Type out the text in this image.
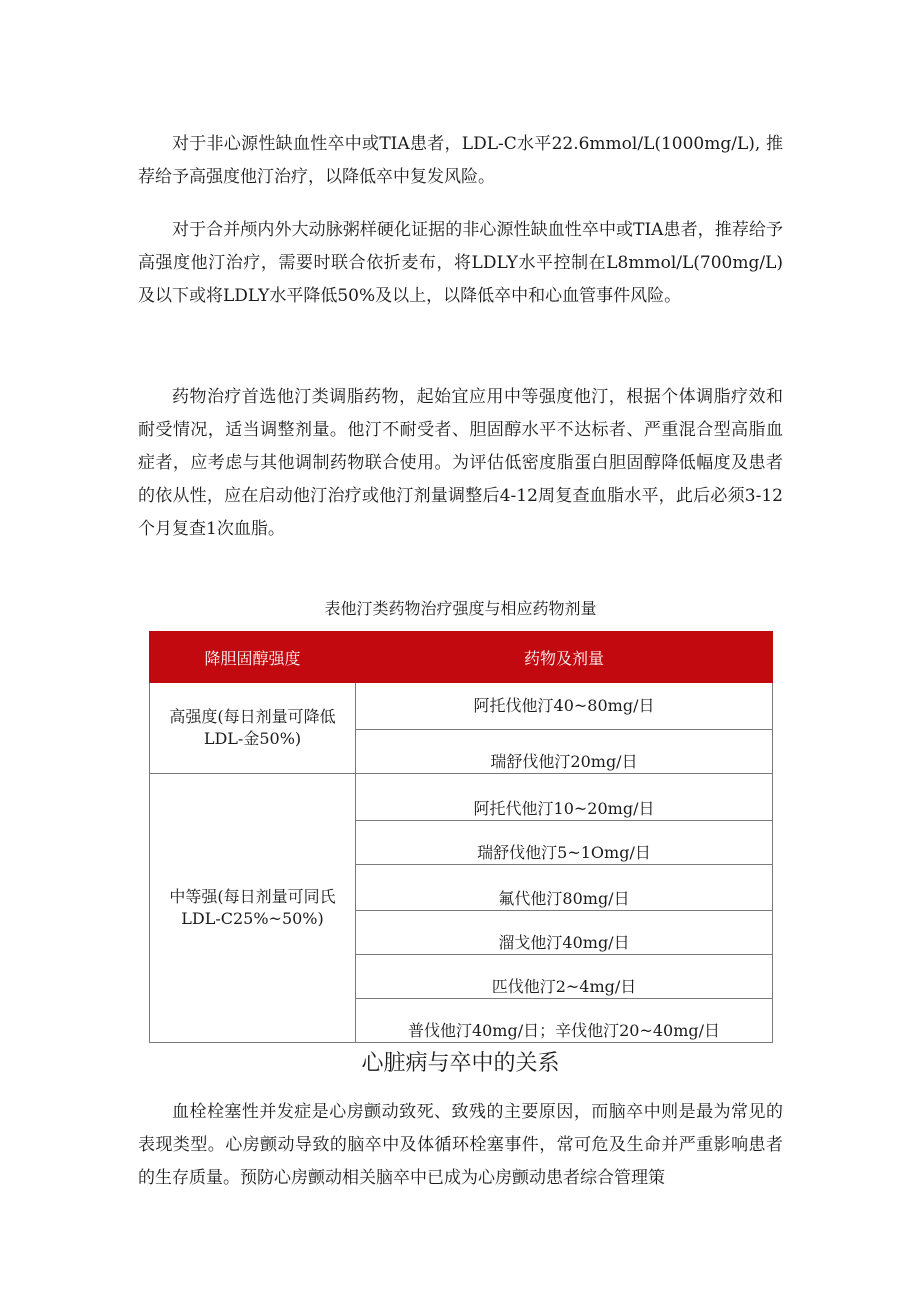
对于非心源性缺血性卒中或TIA患者，LDL-C水平22.6mmol/L(1000mg/L), 推荐给予高强度他汀治疗，以降低卒中复发风险。

对于合并颅内外大动脉粥样硬化证据的非心源性缺血性卒中或TIA患者，推荐给予高强度他汀治疗，需要时联合依折麦布，将LDLY水平控制在L8mmol/L(700mg/L)及以下或将LDLY水平降低50%及以上，以降低卒中和心血管事件风险。

药物治疗首选他汀类调脂药物，起始宜应用中等强度他汀，根据个体调脂疗效和耐受情况，适当调整剂量。他汀不耐受者、胆固醇水平不达标者、严重混合型高脂血症者，应考虑与其他调制药物联合使用。为评估低密度脂蛋白胆固醇降低幅度及患者的依从性，应在启动他汀治疗或他汀剂量调整后4-12周复查血脂水平，此后必须3-12个月复查1次血脂。

表他汀类药物治疗强度与相应药物剂量
降胆固醇强度	药物及剂量
高强度(每日剂量可降低LDL-金50%)	阿托伐他汀40~80mg/日
	瑞舒伐他汀20mg/日
中等强(每日剂量可同氏LDL-C25%~50%)	阿托代他汀10~20mg/日
	瑞舒伐他汀5~1Omg/日
	氟代他汀80mg/日
	溜戈他汀40mg/日
	匹伐他汀2~4mg/日
	普伐他汀40mg/日；辛伐他汀20~40mg/日
心脏病与卒中的关系

血栓栓塞性并发症是心房颤动致死、致残的主要原因，而脑卒中则是最为常见的表现类型。心房颤动导致的脑卒中及体循环栓塞事件，常可危及生命并严重影响患者的生存质量。预防心房颤动相关脑卒中已成为心房颤动患者综合管理策
